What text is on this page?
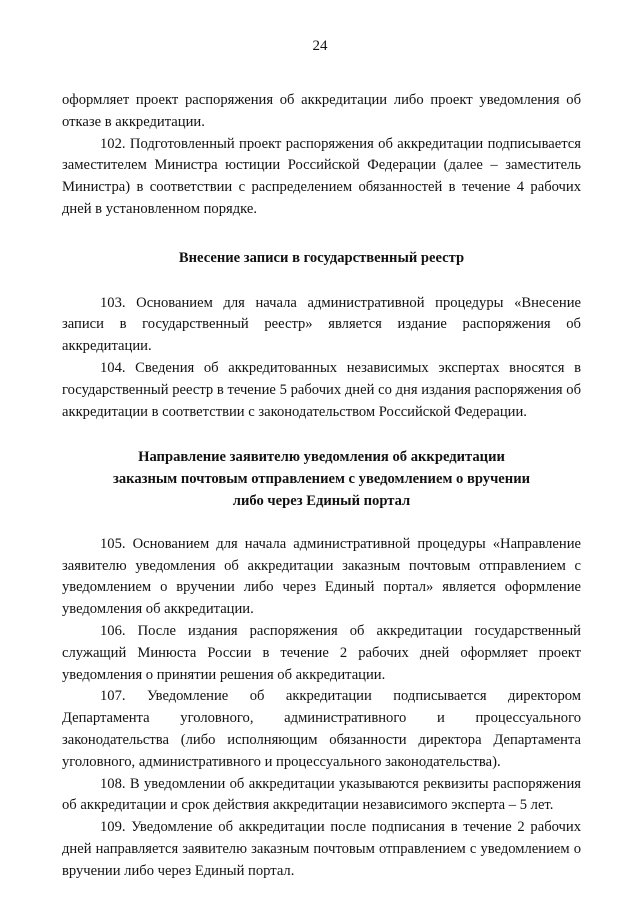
24

оформляет проект распоряжения об аккредитации либо проект уведомления об отказе в аккредитации.

102. Подготовленный проект распоряжения об аккредитации подписывается заместителем Министра юстиции Российской Федерации (далее – заместитель Министра) в соответствии с распределением обязанностей в течение 4 рабочих дней в установленном порядке.

Внесение записи в государственный реестр

103. Основанием для начала административной процедуры «Внесение записи в государственный реестр» является издание распоряжения об аккредитации.

104. Сведения об аккредитованных независимых экспертах вносятся в государственный реестр в течение 5 рабочих дней со дня издания распоряжения об аккредитации в соответствии с законодательством Российской Федерации.

Направление заявителю уведомления об аккредитации
заказным почтовым отправлением с уведомлением о вручении
либо через Единый портал

105. Основанием для начала административной процедуры «Направление заявителю уведомления об аккредитации заказным почтовым отправлением с уведомлением о вручении либо через Единый портал» является оформление уведомления об аккредитации.

106. После издания распоряжения об аккредитации государственный служащий Минюста России в течение 2 рабочих дней оформляет проект уведомления о принятии решения об аккредитации.

107. Уведомление об аккредитации подписывается директором Департамента уголовного, административного и процессуального законодательства (либо исполняющим обязанности директора Департамента уголовного, административного и процессуального законодательства).

108. В уведомлении об аккредитации указываются реквизиты распоряжения об аккредитации и срок действия аккредитации независимого эксперта – 5 лет.

109. Уведомление об аккредитации после подписания в течение 2 рабочих дней направляется заявителю заказным почтовым отправлением с уведомлением о вручении либо через Единый портал.
